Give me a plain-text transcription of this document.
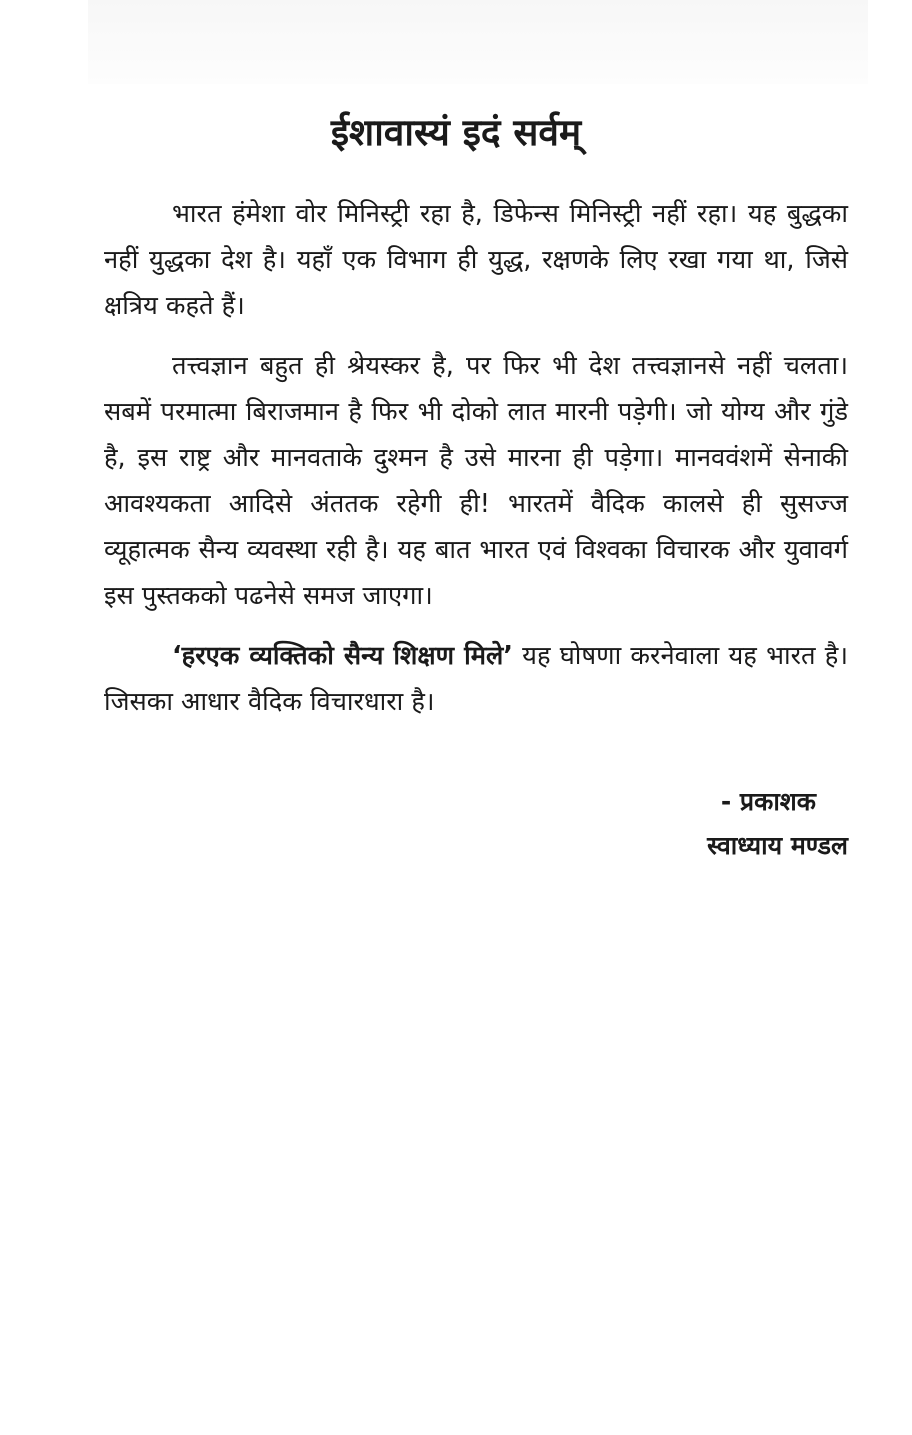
ईशावास्यं इदं सर्वम्

भारत हंमेशा वोर मिनिस्ट्री रहा है, डिफेन्स मिनिस्ट्री नहीं रहा। यह बुद्धका नहीं युद्धका देश है। यहाँ एक विभाग ही युद्ध, रक्षणके लिए रखा गया था, जिसे क्षत्रिय कहते हैं।

तत्त्वज्ञान बहुत ही श्रेयस्कर है, पर फिर भी देश तत्त्वज्ञानसे नहीं चलता। सबमें परमात्मा बिराजमान है फिर भी दोको लात मारनी पड़ेगी। जो योग्य और गुंडे है, इस राष्ट्र और मानवताके दुश्मन है उसे मारना ही पड़ेगा। मानववंशमें सेनाकी आवश्यकता आदिसे अंततक रहेगी ही! भारतमें वैदिक कालसे ही सुसज्ज व्यूहात्मक सैन्य व्यवस्था रही है। यह बात भारत एवं विश्वका विचारक और युवावर्ग इस पुस्तकको पढनेसे समज जाएगा।

‘हरएक व्यक्तिको सैन्य शिक्षण मिले’ यह घोषणा करनेवाला यह भारत है। जिसका आधार वैदिक विचारधारा है।

- प्रकाशक
स्वाध्याय मण्डल
